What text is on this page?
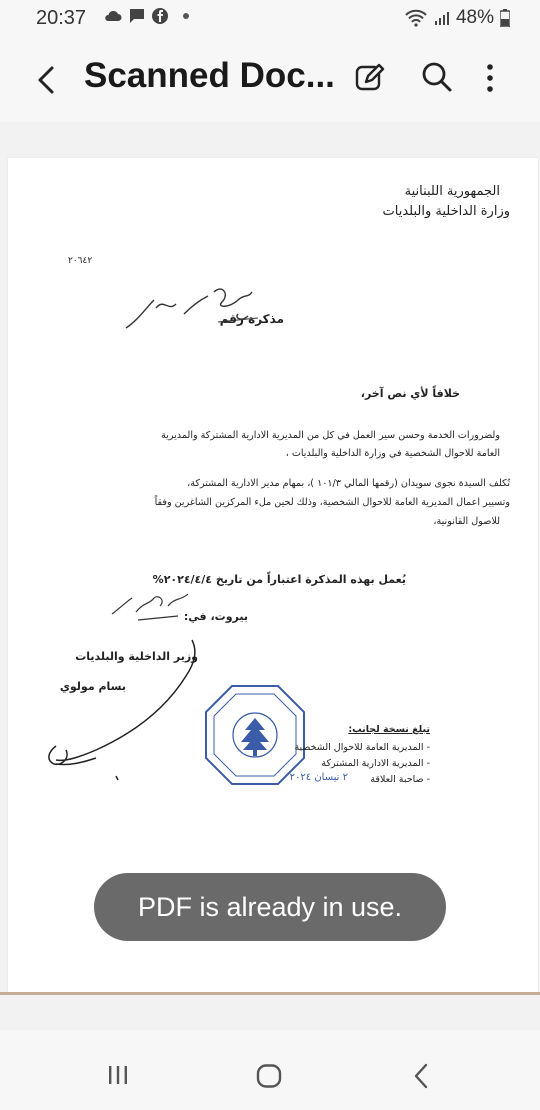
20:37	48%
Scanned Doc...
الجمهورية اللبنانية
وزارة الداخلية والبلديات
٢٠٦٤٢
مذكرة رقم
خلافاً لأي نص آخر،
ولضرورات الخدمة وحسن سير العمل في كل من المديرية الادارية المشتركة والمديرية
العامة للاحوال الشخصية في وزارة الداخلية والبلديات ،
تُكلف السيدة نجوى سويدان (رقمها المالي ١٠١/٣ )، بمهام مدير الادارية المشتركة،
وتسيير اعمال المديرية العامة للاحوال الشخصية، وذلك لحين ملء المركزين الشاغرين وفقاً
للاصول القانونية،
يُعمل بهذه المذكرة اعتباراً من تاريخ ٢٠٢٤/٤/٤%
بيروت، في:
وزير الداخلية والبلديات
بسام مولوي
٢ نيسان ٢٠٢٤
تبلغ نسخة لجانب:
- المديرية العامة للاحوال الشخصية
- المديرية الادارية المشتركة
- صاحبة العلاقة
PDF is already in use.
